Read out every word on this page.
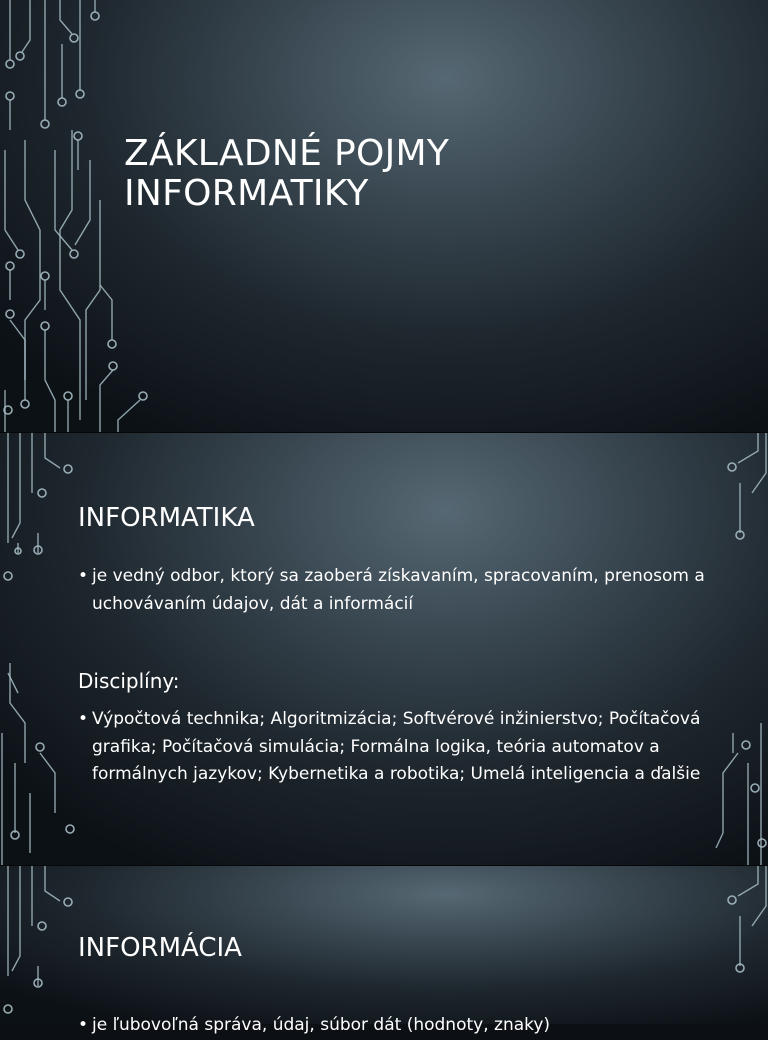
ZÁKLADNÉ POJMY INFORMATIKY
INFORMATIKA
• je vedný odbor, ktorý sa zaoberá získavaním, spracovaním, prenosom a uchovávaním údajov, dát a informácií
Disciplíny:
• Výpočtová technika; Algoritmizácia; Softvérové inžinierstvo; Počítačová grafika; Počítačová simulácia; Formálna logika, teória automatov a formálnych jazykov; Kybernetika a robotika; Umelá inteligencia a ďalšie
INFORMÁCIA
• je ľubovoľná správa, údaj, súbor dát (hodnoty, znaky)
